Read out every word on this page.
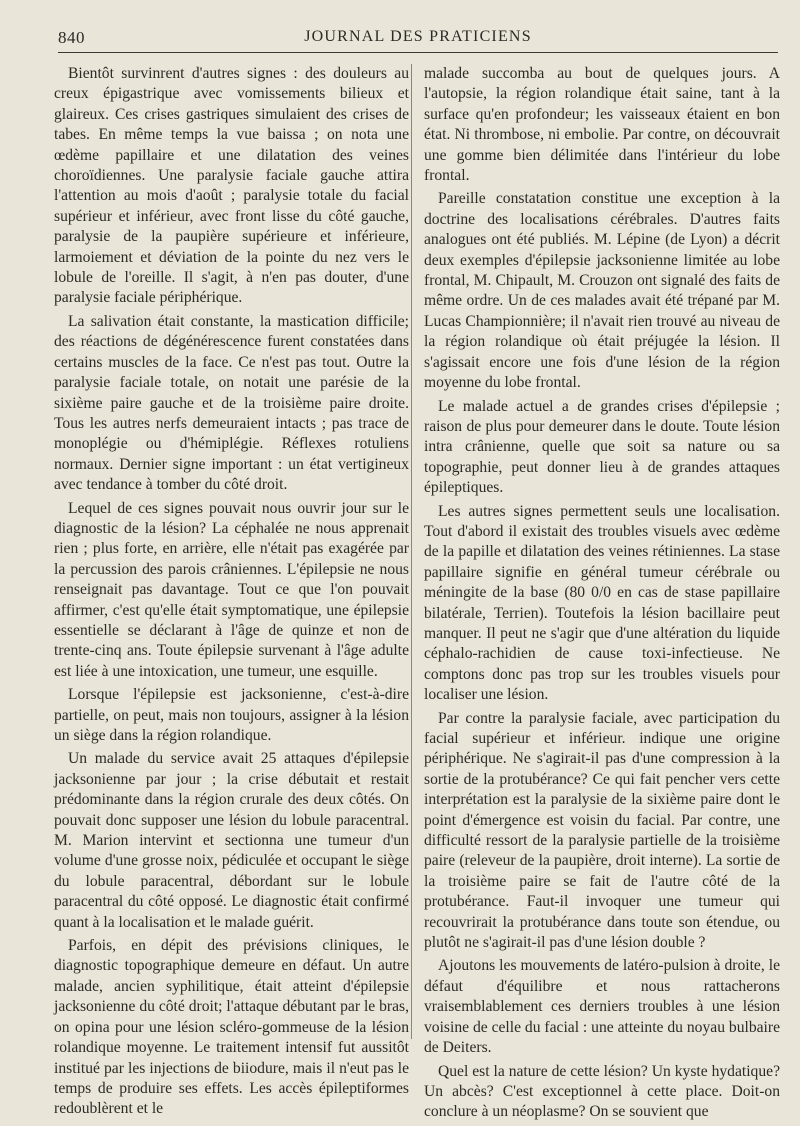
840	JOURNAL DES PRATICIENS

Bientôt survinrent d'autres signes : des douleurs au creux épigastrique avec vomissements bilieux et glaireux. Ces crises gastriques simulaient des crises de tabes. En même temps la vue baissa ; on nota une œdème papillaire et une dilatation des veines choroïdiennes. Une paralysie faciale gauche attira l'attention au mois d'août ; paralysie totale du facial supérieur et inférieur, avec front lisse du côté gauche, paralysie de la paupière supérieure et inférieure, larmoiement et déviation de la pointe du nez vers le lobule de l'oreille. Il s'agit, à n'en pas douter, d'une paralysie faciale périphérique.

La salivation était constante, la mastication difficile; des réactions de dégénérescence furent constatées dans certains muscles de la face. Ce n'est pas tout. Outre la paralysie faciale totale, on notait une parésie de la sixième paire gauche et de la troisième paire droite. Tous les autres nerfs demeuraient intacts ; pas trace de monoplégie ou d'hémiplégie. Réflexes rotuliens normaux. Dernier signe important : un état vertigineux avec tendance à tomber du côté droit.

Lequel de ces signes pouvait nous ouvrir jour sur le diagnostic de la lésion? La céphalée ne nous apprenait rien ; plus forte, en arrière, elle n'était pas exagérée par la percussion des parois crâniennes. L'épilepsie ne nous renseignait pas davantage. Tout ce que l'on pouvait affirmer, c'est qu'elle était symptomatique, une épilepsie essentielle se déclarant à l'âge de quinze et non de trente-cinq ans. Toute épilepsie survenant à l'âge adulte est liée à une intoxication, une tumeur, une esquille.

Lorsque l'épilepsie est jacksonienne, c'est-à-dire partielle, on peut, mais non toujours, assigner à la lésion un siège dans la région rolandique.

Un malade du service avait 25 attaques d'épilepsie jacksonienne par jour ; la crise débutait et restait prédominante dans la région crurale des deux côtés. On pouvait donc supposer une lésion du lobule paracentral. M. Marion intervint et sectionna une tumeur d'un volume d'une grosse noix, pédiculée et occupant le siège du lobule paracentral, débordant sur le lobule paracentral du côté opposé. Le diagnostic était confirmé quant à la localisation et le malade guérit.

Parfois, en dépit des prévisions cliniques, le diagnostic topographique demeure en défaut. Un autre malade, ancien syphilitique, était atteint d'épilepsie jacksonienne du côté droit; l'attaque débutant par le bras, on opina pour une lésion scléro-gommeuse de la lésion rolandique moyenne. Le traitement intensif fut aussitôt institué par les injections de biiodure, mais il n'eut pas le temps de produire ses effets. Les accès épileptiformes redoublèrent et le

malade succomba au bout de quelques jours. A l'autopsie, la région rolandique était saine, tant à la surface qu'en profondeur; les vaisseaux étaient en bon état. Ni thrombose, ni embolie. Par contre, on découvrait une gomme bien délimitée dans l'intérieur du lobe frontal.

Pareille constatation constitue une exception à la doctrine des localisations cérébrales. D'autres faits analogues ont été publiés. M. Lépine (de Lyon) a décrit deux exemples d'épilepsie jacksonienne limitée au lobe frontal, M. Chipault, M. Crouzon ont signalé des faits de même ordre. Un de ces malades avait été trépané par M. Lucas Championnière; il n'avait rien trouvé au niveau de la région rolandique où était préjugée la lésion. Il s'agissait encore une fois d'une lésion de la région moyenne du lobe frontal.

Le malade actuel a de grandes crises d'épilepsie ; raison de plus pour demeurer dans le doute. Toute lésion intra crânienne, quelle que soit sa nature ou sa topographie, peut donner lieu à de grandes attaques épileptiques.

Les autres signes permettent seuls une localisation. Tout d'abord il existait des troubles visuels avec œdème de la papille et dilatation des veines rétiniennes. La stase papillaire signifie en général tumeur cérébrale ou méningite de la base (80 0/0 en cas de stase papillaire bilatérale, Terrien). Toutefois la lésion bacillaire peut manquer. Il peut ne s'agir que d'une altération du liquide céphalo-rachidien de cause toxi-infectieuse. Ne comptons donc pas trop sur les troubles visuels pour localiser une lésion.

Par contre la paralysie faciale, avec participation du facial supérieur et inférieur. indique une origine périphérique. Ne s'agirait-il pas d'une compression à la sortie de la protubérance? Ce qui fait pencher vers cette interprétation est la paralysie de la sixième paire dont le point d'émergence est voisin du facial. Par contre, une difficulté ressort de la paralysie partielle de la troisième paire (releveur de la paupière, droit interne). La sortie de la troisième paire se fait de l'autre côté de la protubérance. Faut-il invoquer une tumeur qui recouvrirait la protubérance dans toute son étendue, ou plutôt ne s'agirait-il pas d'une lésion double ?

Ajoutons les mouvements de latéro-pulsion à droite, le défaut d'équilibre et nous rattacherons vraisemblablement ces derniers troubles à une lésion voisine de celle du facial : une atteinte du noyau bulbaire de Deiters.

Quel est la nature de cette lésion? Un kyste hydatique? Un abcès? C'est exceptionnel à cette place. Doit-on conclure à un néoplasme? On se souvient que
